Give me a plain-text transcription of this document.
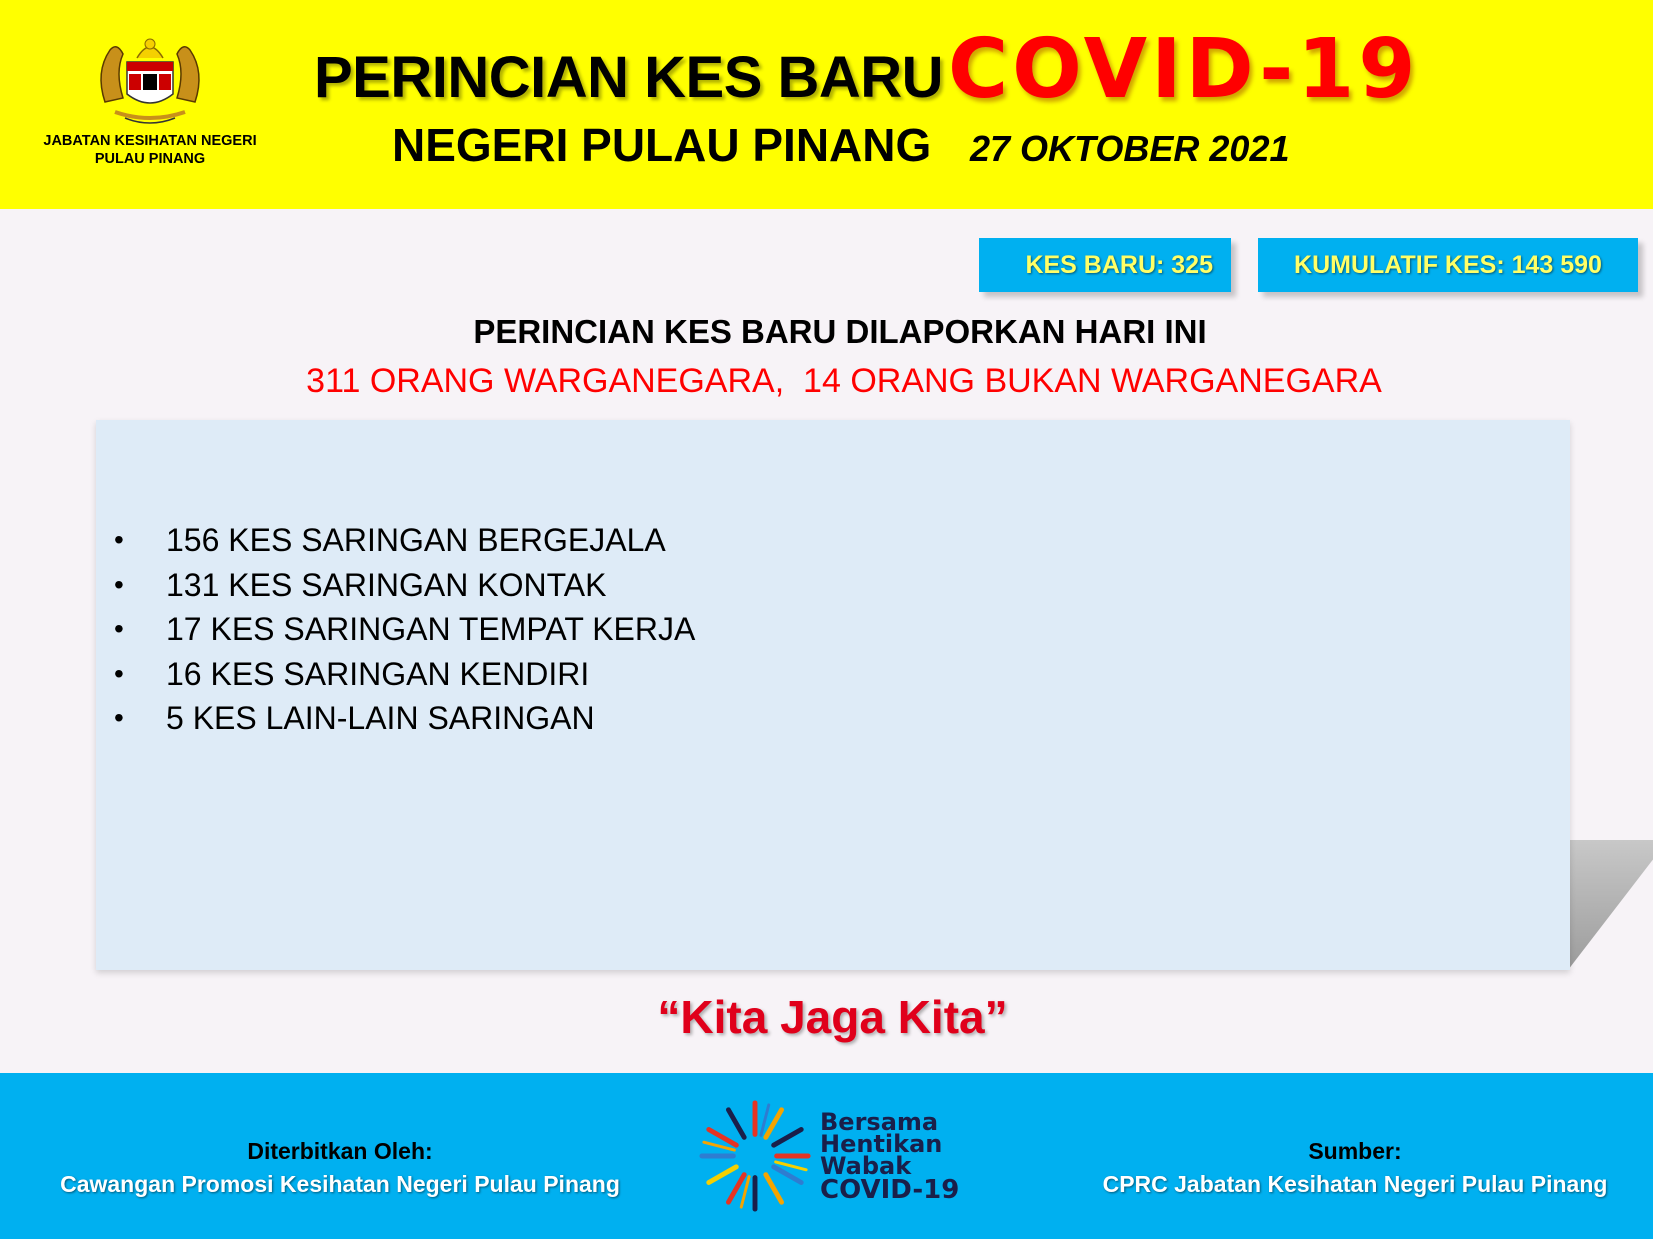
JABATAN KESIHATAN NEGERI
PULAU PINANG
PERINCIAN KES BARU COVID-19
NEGERI PULAU PINANG 27 OKTOBER 2021
KES BARU: 325	KUMULATIF KES: 143 590
PERINCIAN KES BARU DILAPORKAN HARI INI
311 ORANG WARGANEGARA,  14 ORANG BUKAN WARGANEGARA
• 156 KES SARINGAN BERGEJALA
• 131 KES SARINGAN KONTAK
• 17 KES SARINGAN TEMPAT KERJA
• 16 KES SARINGAN KENDIRI
• 5 KES LAIN-LAIN SARINGAN
“Kita Jaga Kita”
Diterbitkan Oleh:
Cawangan Promosi Kesihatan Negeri Pulau Pinang
Bersama
Hentikan
Wabak
COVID-19
Sumber:
CPRC Jabatan Kesihatan Negeri Pulau Pinang
